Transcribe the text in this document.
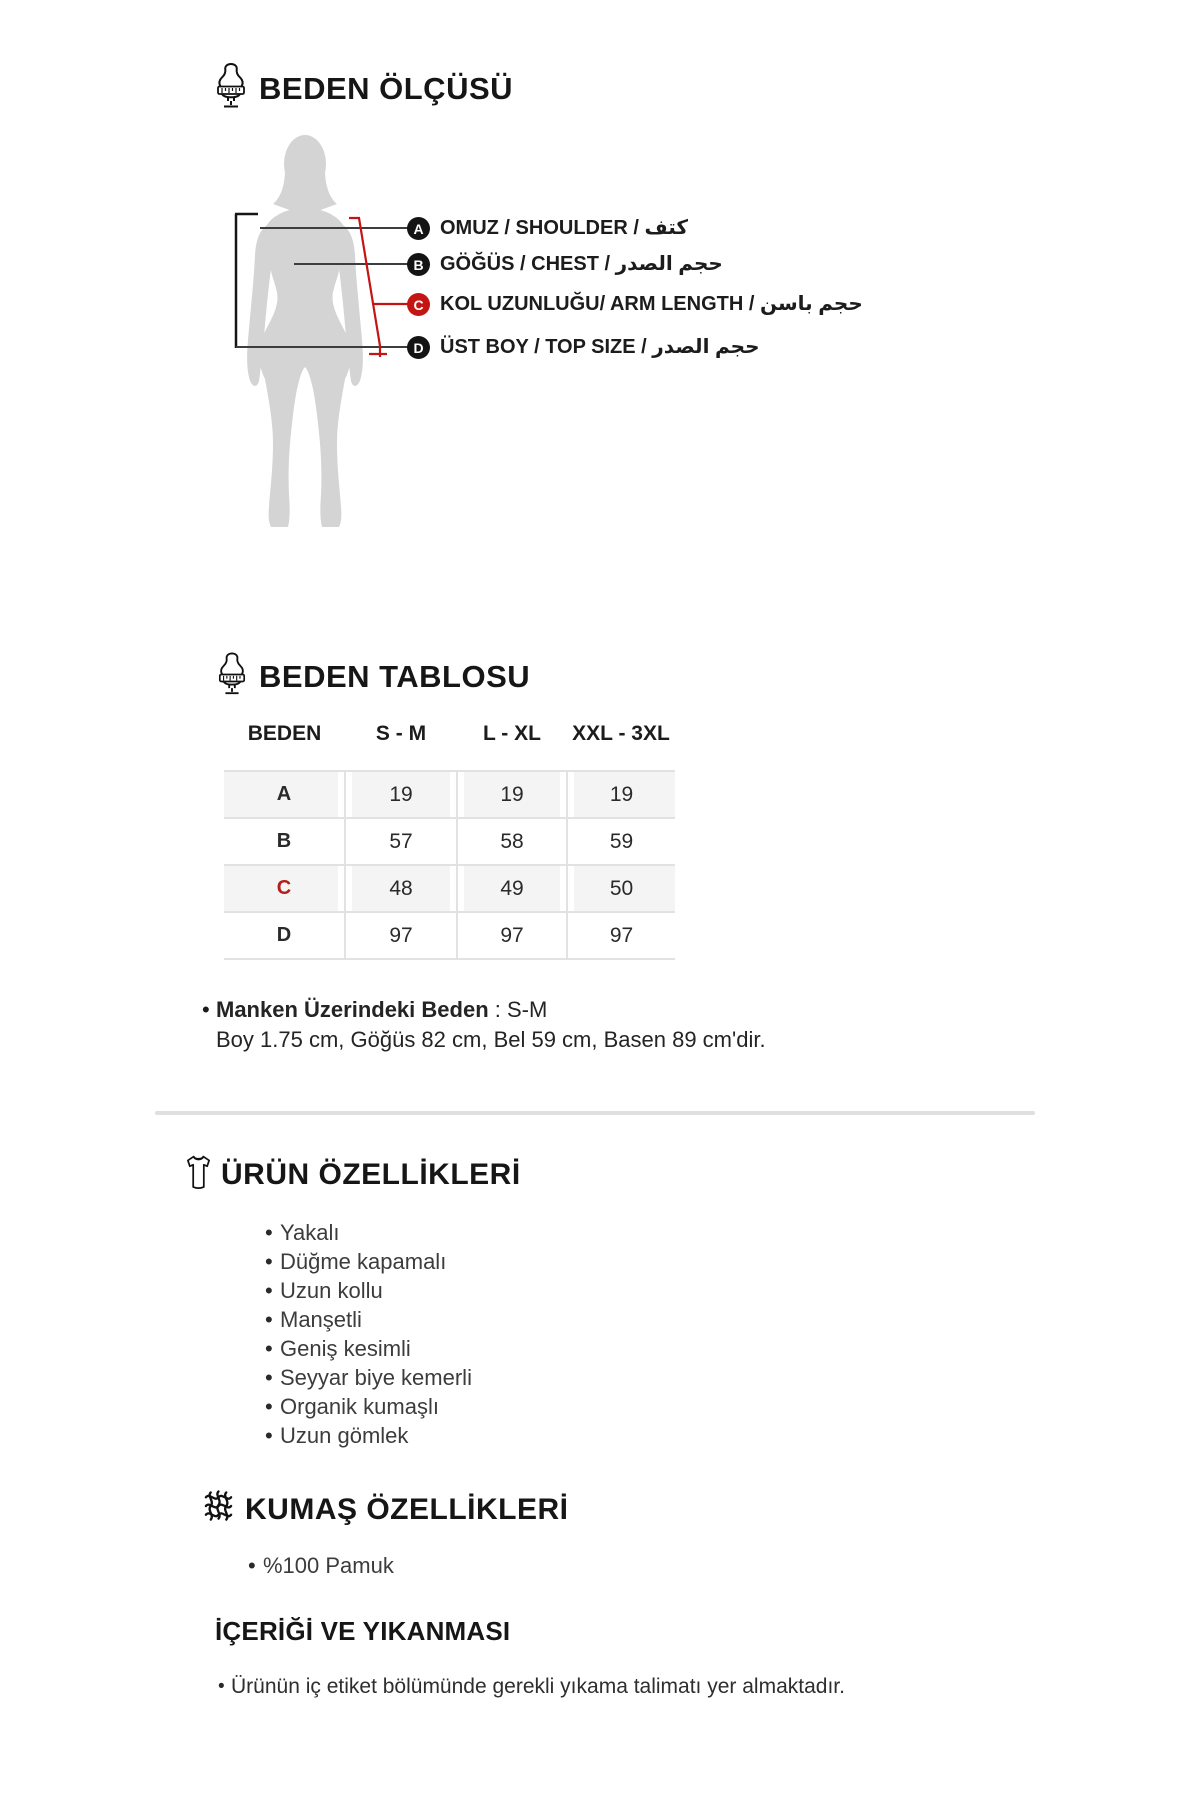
BEDEN ÖLÇÜSÜ
A
B
C
D
OMUZ / SHOULDER / كتف
GÖĞÜS / CHEST / حجم الصدر
KOL UZUNLUĞU/ ARM LENGTH / حجم باسن
ÜST BOY / TOP SIZE / حجم الصدر
BEDEN TABLOSU
BEDEN	S - M	L - XL	XXL - 3XL
A	19	19	19
B	57	58	59
C	48	49	50
D	97	97	97
• Manken Üzerindeki Beden : S-M
Boy 1.75 cm, Göğüs 82 cm, Bel 59 cm, Basen 89 cm'dir.
ÜRÜN ÖZELLİKLERİ
• Yakalı
• Düğme kapamalı
• Uzun kollu
• Manşetli
• Geniş kesimli
• Seyyar biye kemerli
• Organik kumaşlı
• Uzun gömlek
KUMAŞ ÖZELLİKLERİ
• %100 Pamuk
İÇERİĞİ VE YIKANMASI
• Ürünün iç etiket bölümünde gerekli yıkama talimatı yer almaktadır.
